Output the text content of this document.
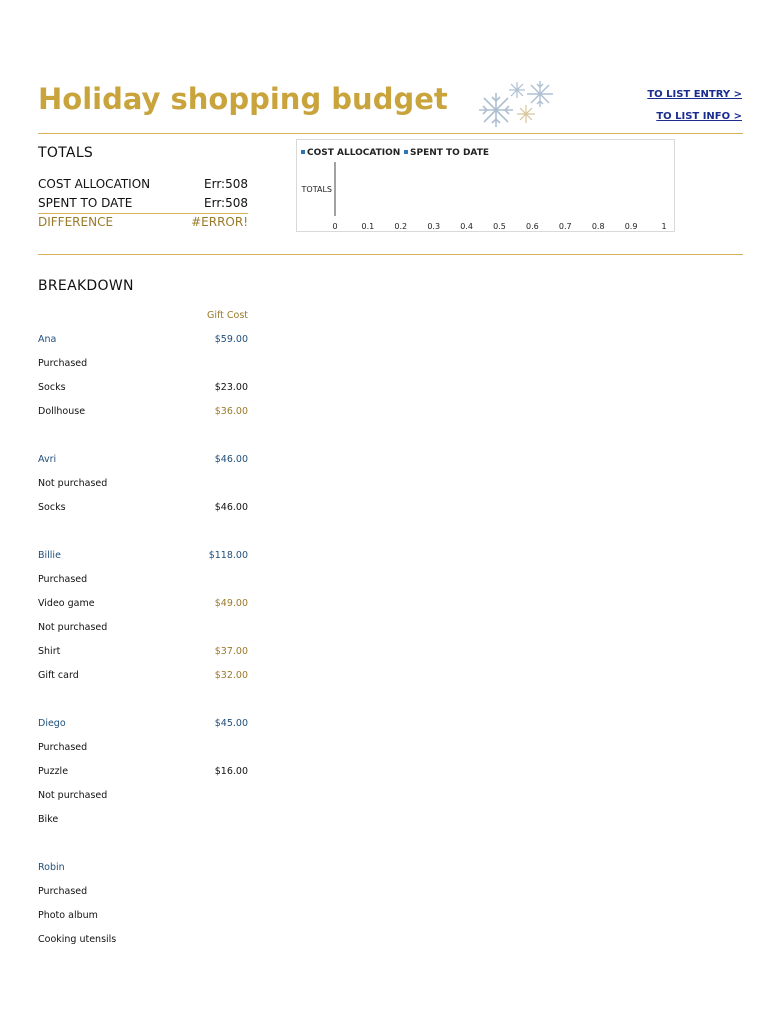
Holiday shopping budget	TO LIST ENTRY >
TO LIST INFO >
TOTALS
COST ALLOCATION	Err:508
SPENT TO DATE	Err:508
DIFFERENCE	#ERROR!
COST ALLOCATION SPENT TO DATE
TOTALS
0	0.1	0.2	0.3	0.4	0.5	0.6	0.7	0.8	0.9	1
BREAKDOWN
Gift Cost
Ana	$59.00
Purchased
Socks	$23.00
Dollhouse	$36.00
Avri	$46.00
Not purchased
Socks	$46.00
Billie	$118.00
Purchased
Video game	$49.00
Not purchased
Shirt	$37.00
Gift card	$32.00
Diego	$45.00
Purchased
Puzzle	$16.00
Not purchased
Bike
Robin
Purchased
Photo album
Cooking utensils
